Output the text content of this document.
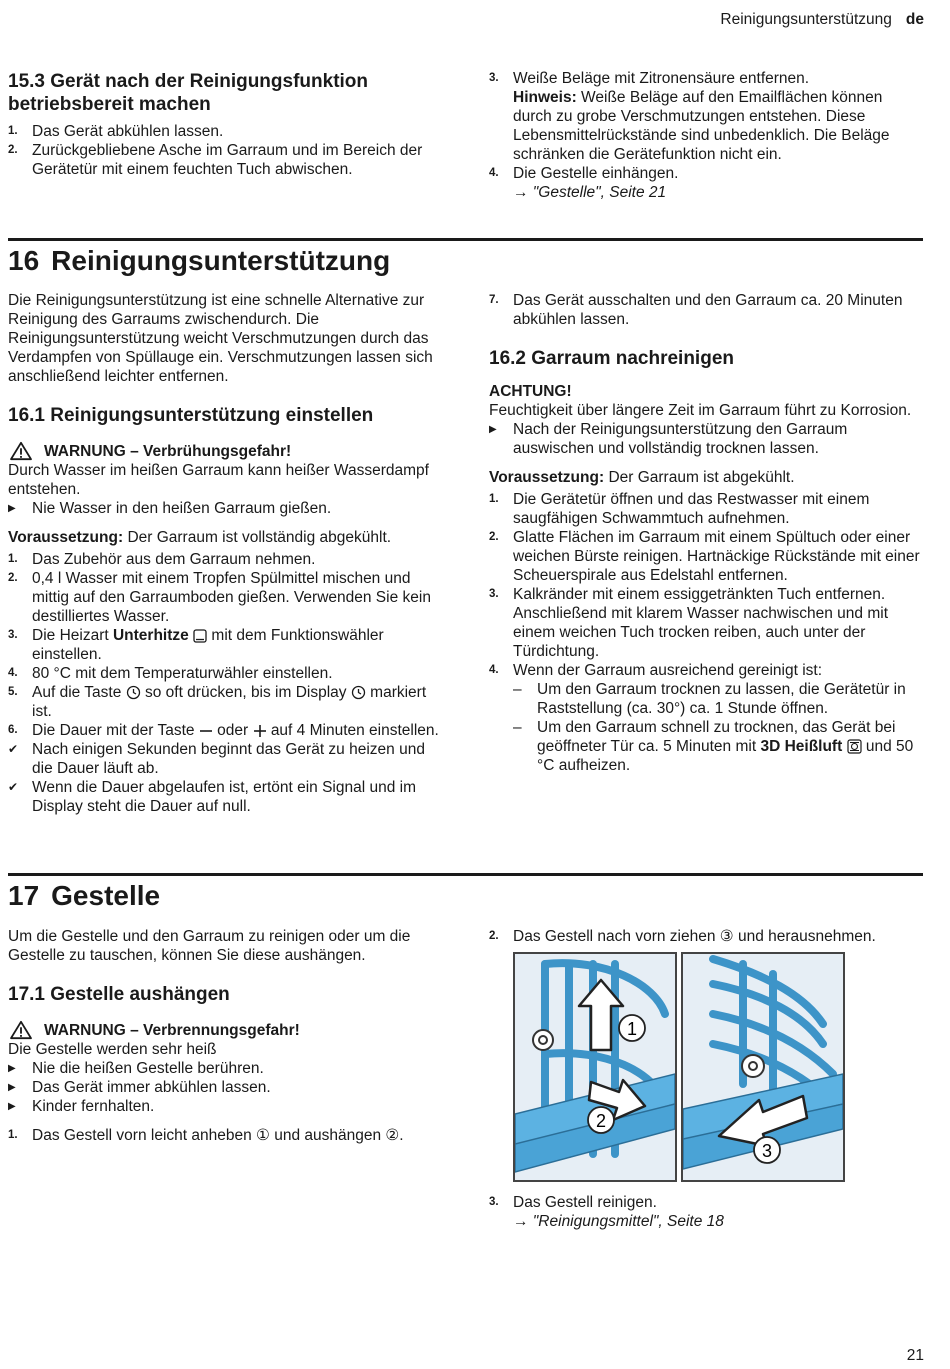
Reinigungsunterstützung de
15.3 Gerät nach der Reinigungsfunktion betriebsbereit machen
1. Das Gerät abkühlen lassen.
2. Zurückgebliebene Asche im Garraum und im Bereich der Gerätetür mit einem feuchten Tuch abwischen.
3. Weiße Beläge mit Zitronensäure entfernen.
Hinweis: Weiße Beläge auf den Emailflächen können durch zu grobe Verschmutzungen entstehen. Diese Lebensmittelrückstände sind unbedenklich. Die Beläge schränken die Gerätefunktion nicht ein.
4. Die Gestelle einhängen.
→ "Gestelle", Seite 21
16 Reinigungsunterstützung

Die Reinigungsunterstützung ist eine schnelle Alternative zur Reinigung des Garraums zwischendurch. Die Reinigungsunterstützung weicht Verschmutzungen durch das Verdampfen von Spüllauge ein. Verschmutzungen lassen sich anschließend leichter entfernen.

16.1 Reinigungsunterstützung einstellen
WARNUNG – Verbrühungsgefahr!

Durch Wasser im heißen Garraum kann heißer Wasserdampf entstehen.

▶ Nie Wasser in den heißen Garraum gießen.

Voraussetzung: Der Garraum ist vollständig abgekühlt.

1. Das Zubehör aus dem Garraum nehmen.
2. 0,4 l Wasser mit einem Tropfen Spülmittel mischen und mittig auf den Garraumboden gießen. Verwenden Sie kein destilliertes Wasser.
3. Die Heizart Unterhitze mit dem Funktionswähler einstellen.
4. 80 °C mit dem Temperaturwähler einstellen.
5. Auf die Taste so oft drücken, bis im Display markiert ist.
6. Die Dauer mit der Taste oder auf 4 Minuten einstellen.
✔ Nach einigen Sekunden beginnt das Gerät zu heizen und die Dauer läuft ab.
✔ Wenn die Dauer abgelaufen ist, ertönt ein Signal und im Display steht die Dauer auf null.
7. Das Gerät ausschalten und den Garraum ca. 20 Minuten abkühlen lassen.
16.2 Garraum nachreinigen

ACHTUNG!

Feuchtigkeit über längere Zeit im Garraum führt zu Korrosion.

▶ Nach der Reinigungsunterstützung den Garraum auswischen und vollständig trocknen lassen.

Voraussetzung: Der Garraum ist abgekühlt.

1. Die Gerätetür öffnen und das Restwasser mit einem saugfähigen Schwammtuch aufnehmen.
2. Glatte Flächen im Garraum mit einem Spültuch oder einer weichen Bürste reinigen. Hartnäckige Rückstände mit einer Scheuerspirale aus Edelstahl entfernen.
3. Kalkränder mit einem essiggetränkten Tuch entfernen. Anschließend mit klarem Wasser nachwischen und mit einem weichen Tuch trocken reiben, auch unter der Türdichtung.
4. Wenn der Garraum ausreichend gereinigt ist:
– Um den Garraum trocknen zu lassen, die Gerätetür in Raststellung (ca. 30°) ca. 1 Stunde öffnen.
– Um den Garraum schnell zu trocknen, das Gerät bei geöffneter Tür ca. 5 Minuten mit 3D Heißluft und 50 °C aufheizen.
17 Gestelle

Um die Gestelle und den Garraum zu reinigen oder um die Gestelle zu tauschen, können Sie diese aushängen.

17.1 Gestelle aushängen
WARNUNG – Verbrennungsgefahr!

Die Gestelle werden sehr heiß

▶ Nie die heißen Gestelle berühren.
▶ Das Gerät immer abkühlen lassen.
▶ Kinder fernhalten.
1. Das Gestell vorn leicht anheben ① und aushängen ②.
2. Das Gestell nach vorn ziehen ③ und herausnehmen.
1
2
3
3. Das Gestell reinigen.
→ "Reinigungsmittel", Seite 18
21
